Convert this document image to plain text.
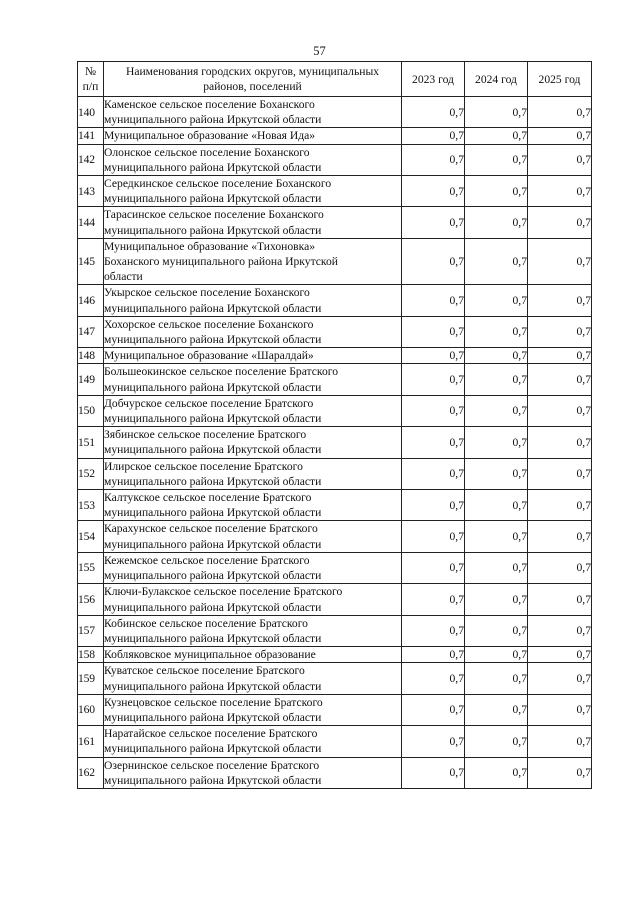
57
№
п/п	Наименования городских округов, муниципальных
районов, поселений	2023 год	2024 год	2025 год
140	Каменское сельское поселение Боханского
муниципального района Иркутской области	0,7	0,7	0,7
141	Муниципальное образование «Новая Ида»	0,7	0,7	0,7
142	Олонское сельское поселение Боханского
муниципального района Иркутской области	0,7	0,7	0,7
143	Середкинское сельское поселение Боханского
муниципального района Иркутской области	0,7	0,7	0,7
144	Тарасинское сельское поселение Боханского
муниципального района Иркутской области	0,7	0,7	0,7
145	Муниципальное образование «Тихоновка»
Боханского муниципального района Иркутской
области	0,7	0,7	0,7
146	Укырское сельское поселение Боханского
муниципального района Иркутской области	0,7	0,7	0,7
147	Хохорское сельское поселение Боханского
муниципального района Иркутской области	0,7	0,7	0,7
148	Муниципальное образование «Шаралдай»	0,7	0,7	0,7
149	Большеокинское сельское поселение Братского
муниципального района Иркутской области	0,7	0,7	0,7
150	Добчурское сельское поселение Братского
муниципального района Иркутской области	0,7	0,7	0,7
151	Зябинское сельское поселение Братского
муниципального района Иркутской области	0,7	0,7	0,7
152	Илирское сельское поселение Братского
муниципального района Иркутской области	0,7	0,7	0,7
153	Калтукское сельское поселение Братского
муниципального района Иркутской области	0,7	0,7	0,7
154	Карахунское сельское поселение Братского
муниципального района Иркутской области	0,7	0,7	0,7
155	Кежемское сельское поселение Братского
муниципального района Иркутской области	0,7	0,7	0,7
156	Ключи-Булакское сельское поселение Братского
муниципального района Иркутской области	0,7	0,7	0,7
157	Кобинское сельское поселение Братского
муниципального района Иркутской области	0,7	0,7	0,7
158	Кобляковское муниципальное образование	0,7	0,7	0,7
159	Куватское сельское поселение Братского
муниципального района Иркутской области	0,7	0,7	0,7
160	Кузнецовское сельское поселение Братского
муниципального района Иркутской области	0,7	0,7	0,7
161	Наратайское сельское поселение Братского
муниципального района Иркутской области	0,7	0,7	0,7
162	Озернинское сельское поселение Братского
муниципального района Иркутской области	0,7	0,7	0,7
